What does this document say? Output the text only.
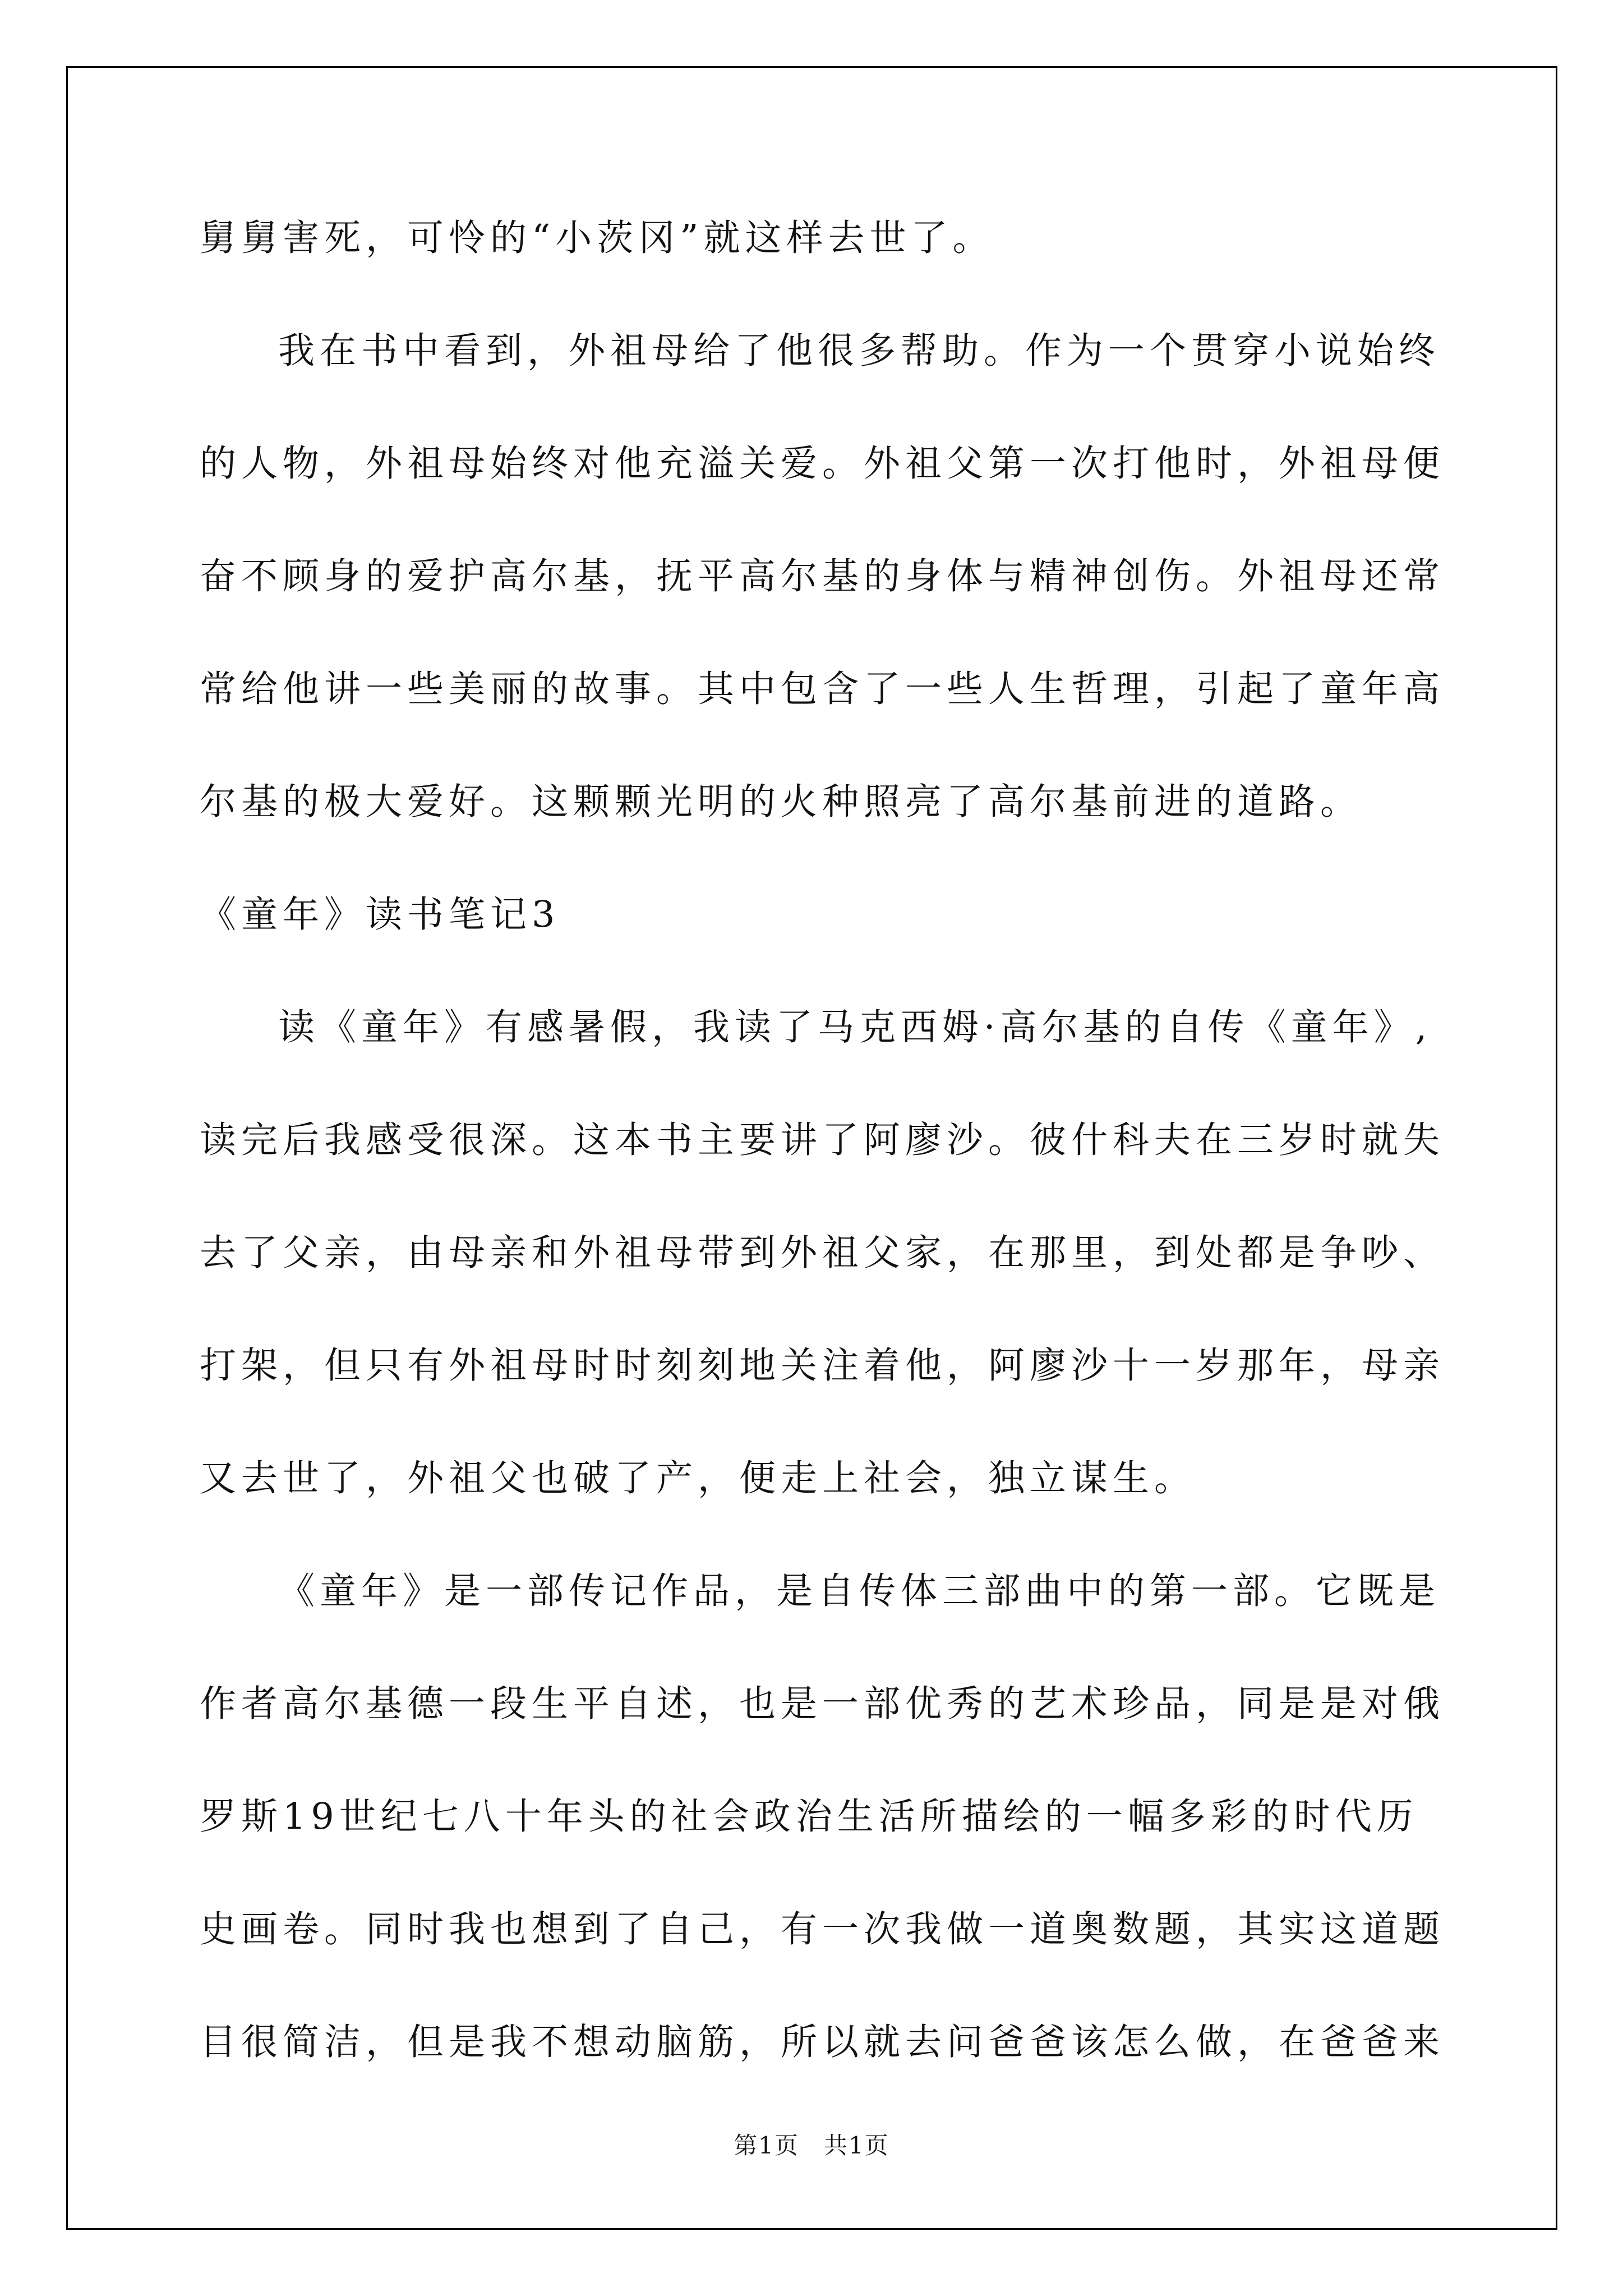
舅舅害死，可怜的“小茨冈”就这样去世了。
我在书中看到，外祖母给了他很多帮助。作为一个贯穿小说始终
的人物，外祖母始终对他充溢关爱。外祖父第一次打他时，外祖母便
奋不顾身的爱护高尔基，抚平高尔基的身体与精神创伤。外祖母还常
常给他讲一些美丽的故事。其中包含了一些人生哲理，引起了童年高
尔基的极大爱好。这颗颗光明的火种照亮了高尔基前进的道路。
《童年》读书笔记3
读《童年》有感暑假，我读了马克西姆·高尔基的自传《童年》,
读完后我感受很深。这本书主要讲了阿廖沙。彼什科夫在三岁时就失
去了父亲，由母亲和外祖母带到外祖父家，在那里，到处都是争吵、
打架，但只有外祖母时时刻刻地关注着他，阿廖沙十一岁那年，母亲
又去世了，外祖父也破了产，便走上社会，独立谋生。
《童年》是一部传记作品，是自传体三部曲中的第一部。它既是
作者高尔基德一段生平自述，也是一部优秀的艺术珍品，同是是对俄
罗斯19世纪七八十年头的社会政治生活所描绘的一幅多彩的时代历
史画卷。同时我也想到了自己，有一次我做一道奥数题，其实这道题
目很简洁，但是我不想动脑筋，所以就去问爸爸该怎么做，在爸爸来
第1页　共1页
